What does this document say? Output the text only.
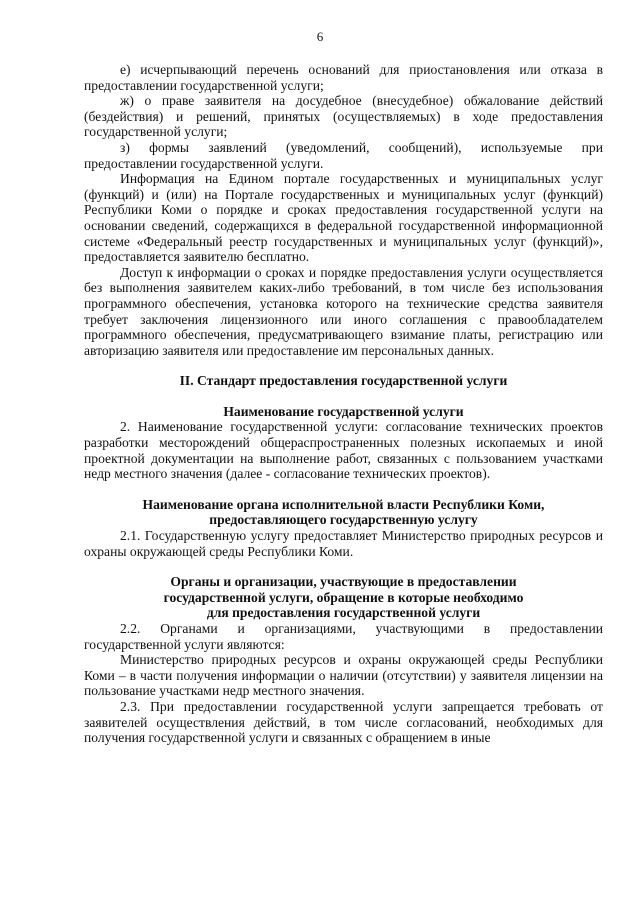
6

е) исчерпывающий перечень оснований для приостановления или отказа в предоставлении государственной услуги;

ж) о праве заявителя на досудебное (внесудебное) обжалование действий (бездействия) и решений, принятых (осуществляемых) в ходе предоставления государственной услуги;

з) формы заявлений (уведомлений, сообщений), используемые при предоставлении государственной услуги.

Информация на Едином портале государственных и муниципальных услуг (функций) и (или) на Портале государственных и муниципальных услуг (функций) Республики Коми о порядке и сроках предоставления государственной услуги на основании сведений, содержащихся в федеральной государственной информационной системе «Федеральный реестр государственных и муниципальных услуг (функций)», предоставляется заявителю бесплатно.

Доступ к информации о сроках и порядке предоставления услуги осуществляется без выполнения заявителем каких-либо требований, в том числе без использования программного обеспечения, установка которого на технические средства заявителя требует заключения лицензионного или иного соглашения с правообладателем программного обеспечения, предусматривающего взимание платы, регистрацию или авторизацию заявителя или предоставление им персональных данных.

II. Стандарт предоставления государственной услуги

Наименование государственной услуги

2. Наименование государственной услуги: согласование технических проектов разработки месторождений общераспространенных полезных ископаемых и иной проектной документации на выполнение работ, связанных с пользованием участками недр местного значения (далее - согласование технических проектов).

Наименование органа исполнительной власти Республики Коми,
предоставляющего государственную услугу

2.1. Государственную услугу предоставляет Министерство природных ресурсов и охраны окружающей среды Республики Коми.

Органы и организации, участвующие в предоставлении
государственной услуги, обращение в которые необходимо
для предоставления государственной услуги

2.2. Органами и организациями, участвующими в предоставлении государственной услуги являются:

Министерство природных ресурсов и охраны окружающей среды Республики Коми – в части получения информации о наличии (отсутствии) у заявителя лицензии на пользование участками недр местного значения.

2.3. При предоставлении государственной услуги запрещается требовать от заявителей осуществления действий, в том числе согласований, необходимых для получения государственной услуги и связанных с обращением в иные
